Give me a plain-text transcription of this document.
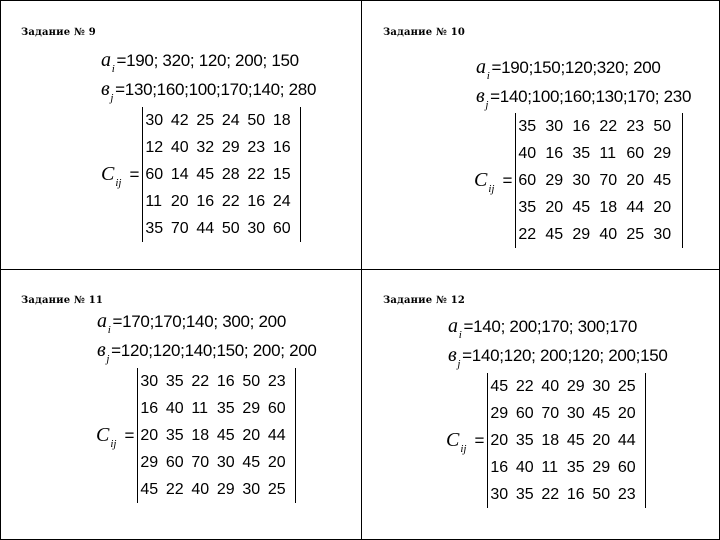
Задание № 9
$a_i =190$; 320; 120; 200; 150
$в_j$ =130;160;100;170;140; 280
$C_{ij}$ =
30 42 25 24 50 18
12 40 32 29 23 16
60 14 45 28 22 15
11 20 16 22 16 24
35 70 44 50 30 60
Задание № 10
$a_i$ =190;150;120;320; 200
$в_j$ =140;100;160;130;170; 230
$C_{ij}$ =
35 30 16 22 23 50
40 16 35 11 60 29
60 29 30 70 20 45
35 20 45 18 44 20
22 45 29 40 25 30
Задание № 11
$a_i$ =170;170;140; 300; 200
$в_j$ =120;120;140;150; 200; 200
$C_{ij}$ =
30 35 22 16 50 23
16 40 11 35 29 60
20 35 18 45 20 44
29 60 70 30 45 20
45 22 40 29 30 25
Задание № 12
$a_i =140$; 200;170; 300;170
$в_j$ =140;120; 200;120; 200;150
$C_{ij}$ =
45 22 40 29 30 25
29 60 70 30 45 20
20 35 18 45 20 44
16 40 11 35 29 60
30 35 22 16 50 23
